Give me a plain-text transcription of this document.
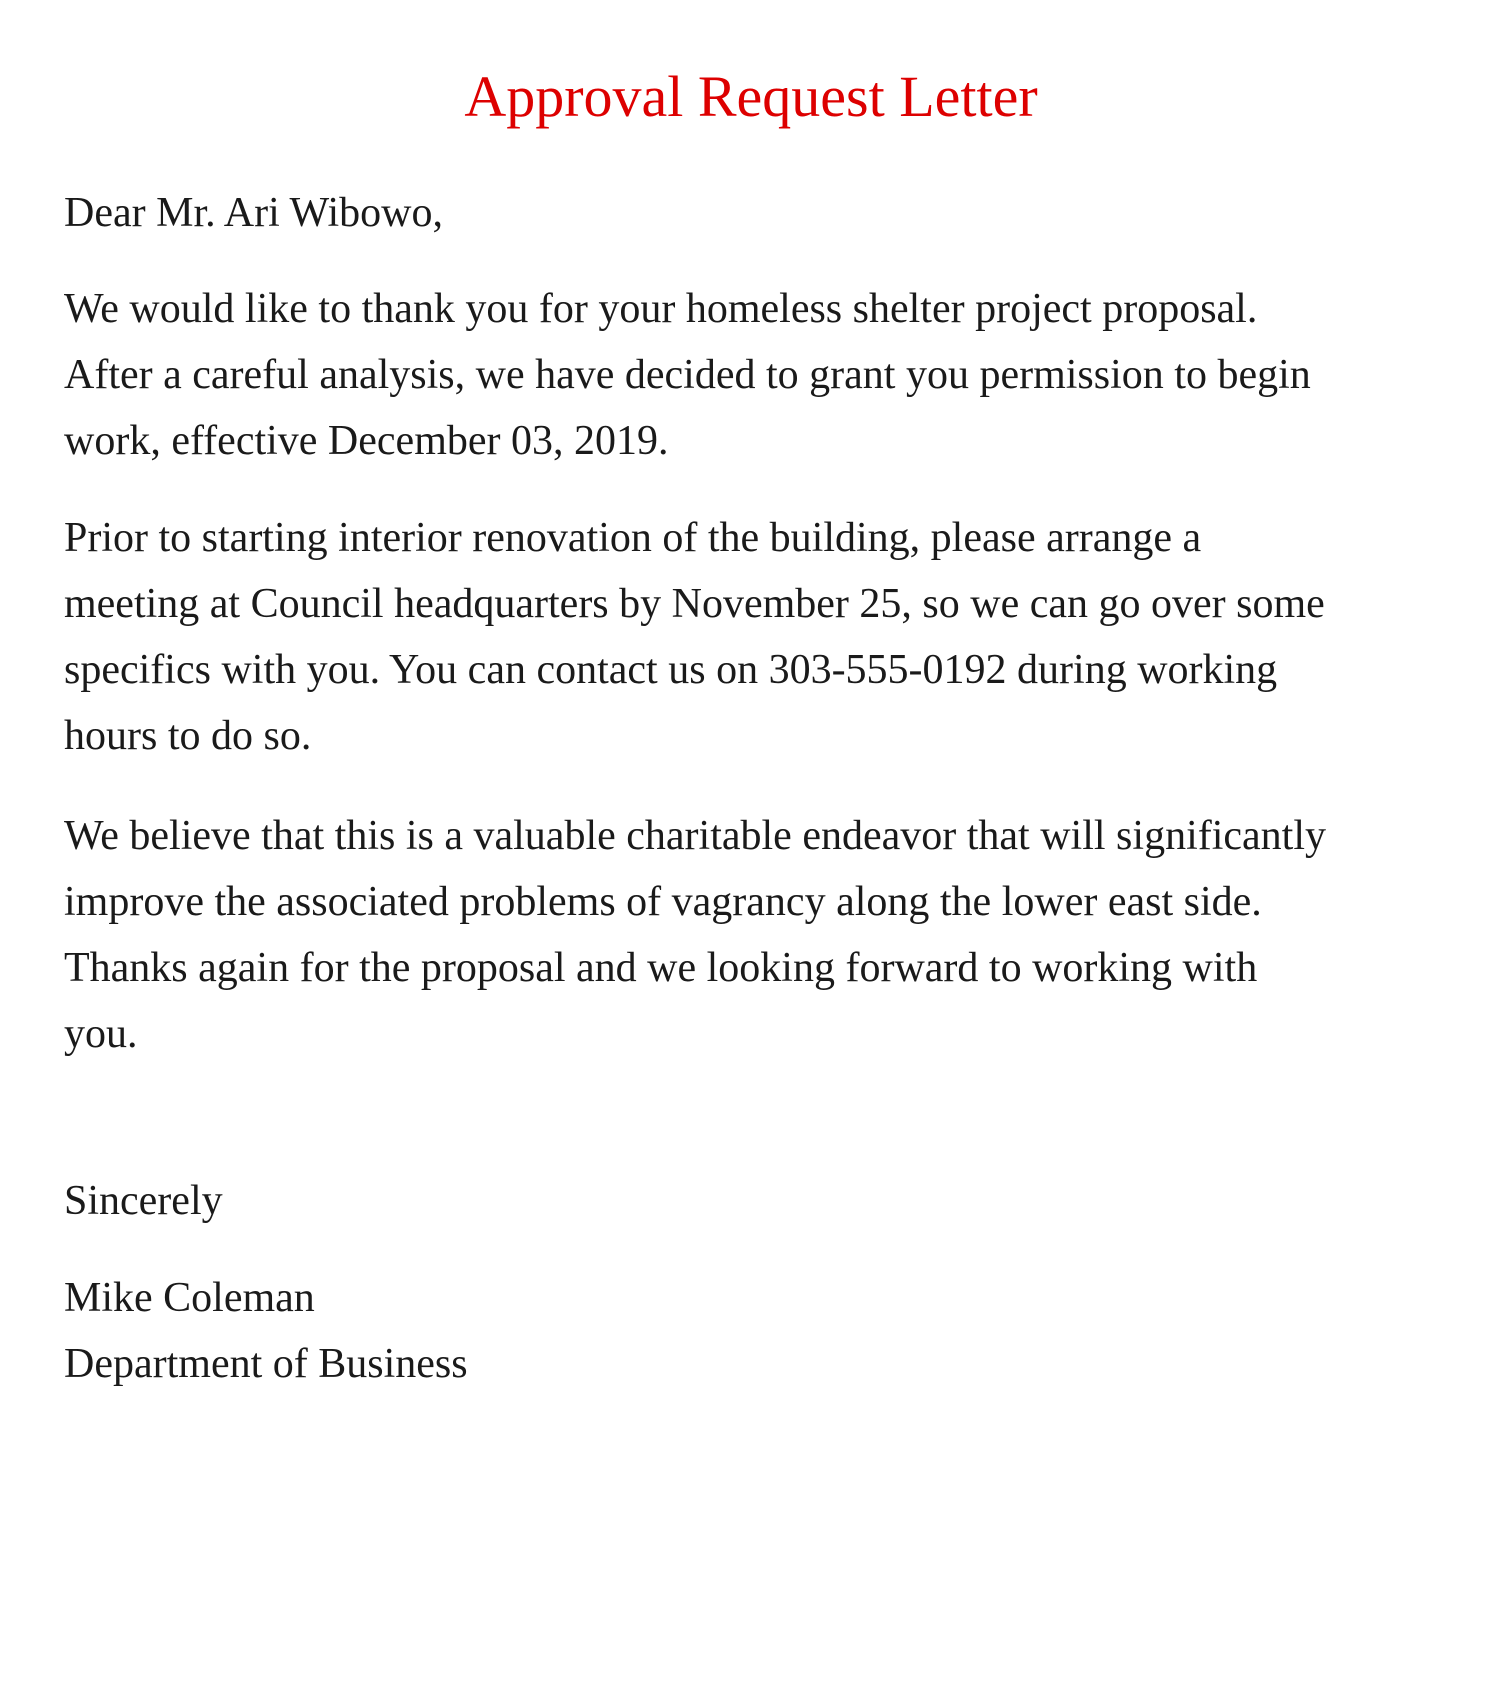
Approval Request Letter

Dear Mr. Ari Wibowo,

We would like to thank you for your homeless shelter project proposal.
After a careful analysis, we have decided to grant you permission to begin
work, effective December 03, 2019.

Prior to starting interior renovation of the building, please arrange a
meeting at Council headquarters by November 25, so we can go over some
specifics with you. You can contact us on 303-555-0192 during working
hours to do so.

We believe that this is a valuable charitable endeavor that will significantly
improve the associated problems of vagrancy along the lower east side.
Thanks again for the proposal and we looking forward to working with
you.

Sincerely

Mike Coleman

Department of Business
